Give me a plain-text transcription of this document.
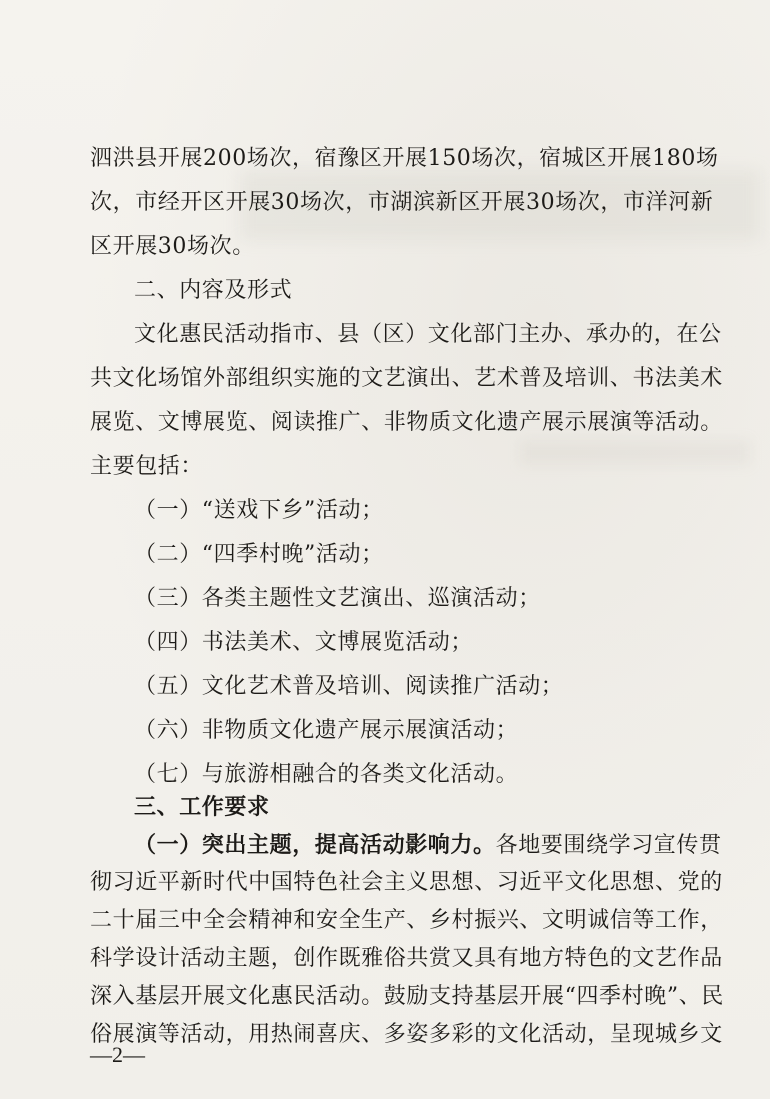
泗洪县开展200场次，宿豫区开展150场次，宿城区开展180场
次，市经开区开展30场次，市湖滨新区开展30场次，市洋河新
区开展30场次。
二、内容及形式
文化惠民活动指市、县（区）文化部门主办、承办的，在公
共文化场馆外部组织实施的文艺演出、艺术普及培训、书法美术
展览、文博展览、阅读推广、非物质文化遗产展示展演等活动。
主要包括：
（一）“送戏下乡”活动；
（二）“四季村晚”活动；
（三）各类主题性文艺演出、巡演活动；
（四）书法美术、文博展览活动；
（五）文化艺术普及培训、阅读推广活动；
（六）非物质文化遗产展示展演活动；
（七）与旅游相融合的各类文化活动。
三、工作要求
（一）突出主题，提高活动影响力。各地要围绕学习宣传贯
彻习近平新时代中国特色社会主义思想、习近平文化思想、党的
二十届三中全会精神和安全生产、乡村振兴、文明诚信等工作，
科学设计活动主题，创作既雅俗共赏又具有地方特色的文艺作品
—2—
深入基层开展文化惠民活动。鼓励支持基层开展“四季村晚”、民
俗展演等活动，用热闹喜庆、多姿多彩的文化活动，呈现城乡文
